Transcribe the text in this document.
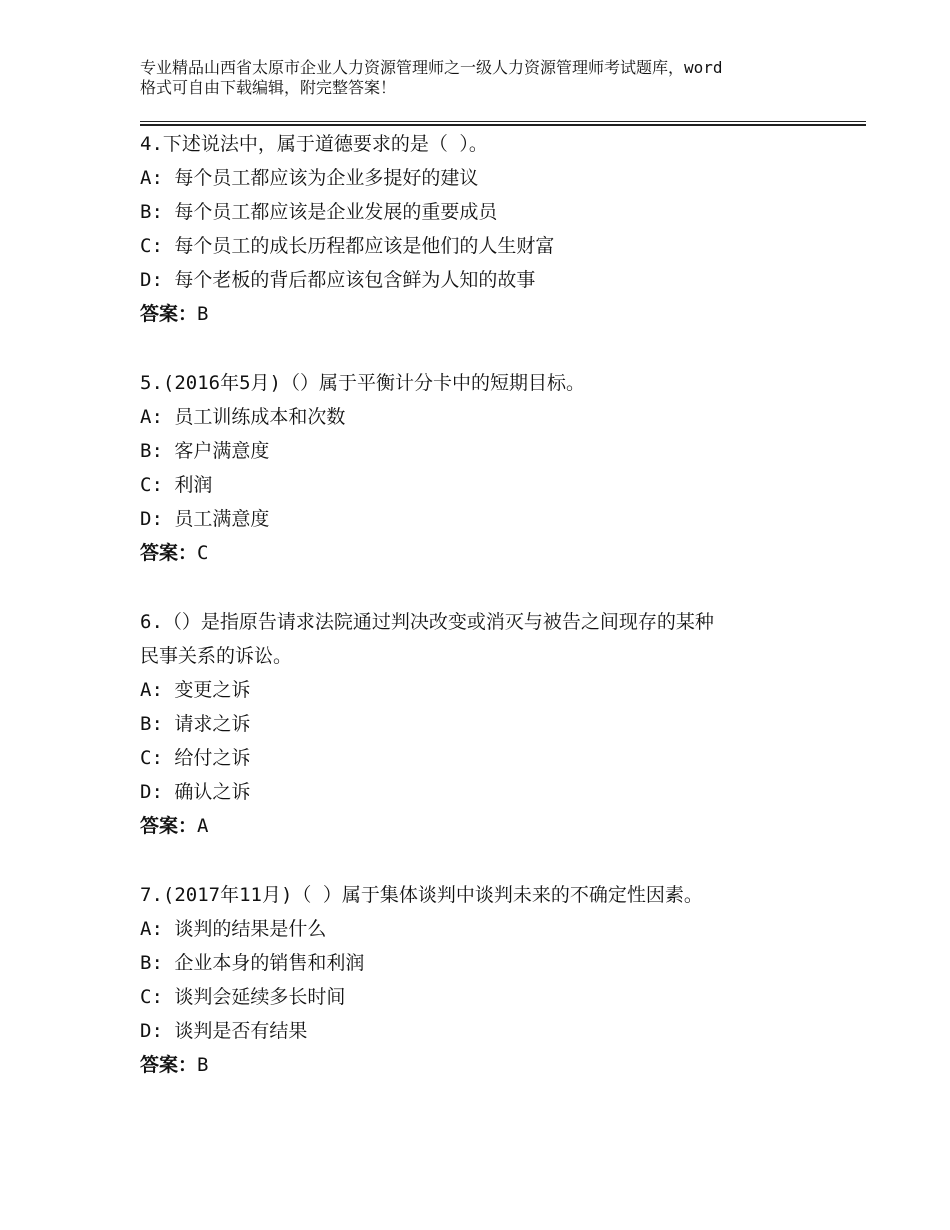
专业精品山西省太原市企业人力资源管理师之一级人力资源管理师考试题库，word
格式可自由下载编辑，附完整答案！
4.下述说法中，属于道德要求的是（ ）。
A: 每个员工都应该为企业多提好的建议
B: 每个员工都应该是企业发展的重要成员
C: 每个员工的成长历程都应该是他们的人生财富
D: 每个老板的背后都应该包含鲜为人知的故事
答案：B
5.(2016年5月)（）属于平衡计分卡中的短期目标。
A: 员工训练成本和次数
B: 客户满意度
C: 利润
D: 员工满意度
答案：C
6.（）是指原告请求法院通过判决改变或消灭与被告之间现存的某种
民事关系的诉讼。
A: 变更之诉
B: 请求之诉
C: 给付之诉
D: 确认之诉
答案：A
7.(2017年11月)（ ）属于集体谈判中谈判未来的不确定性因素。
A: 谈判的结果是什么
B: 企业本身的销售和利润
C: 谈判会延续多长时间
D: 谈判是否有结果
答案：B
